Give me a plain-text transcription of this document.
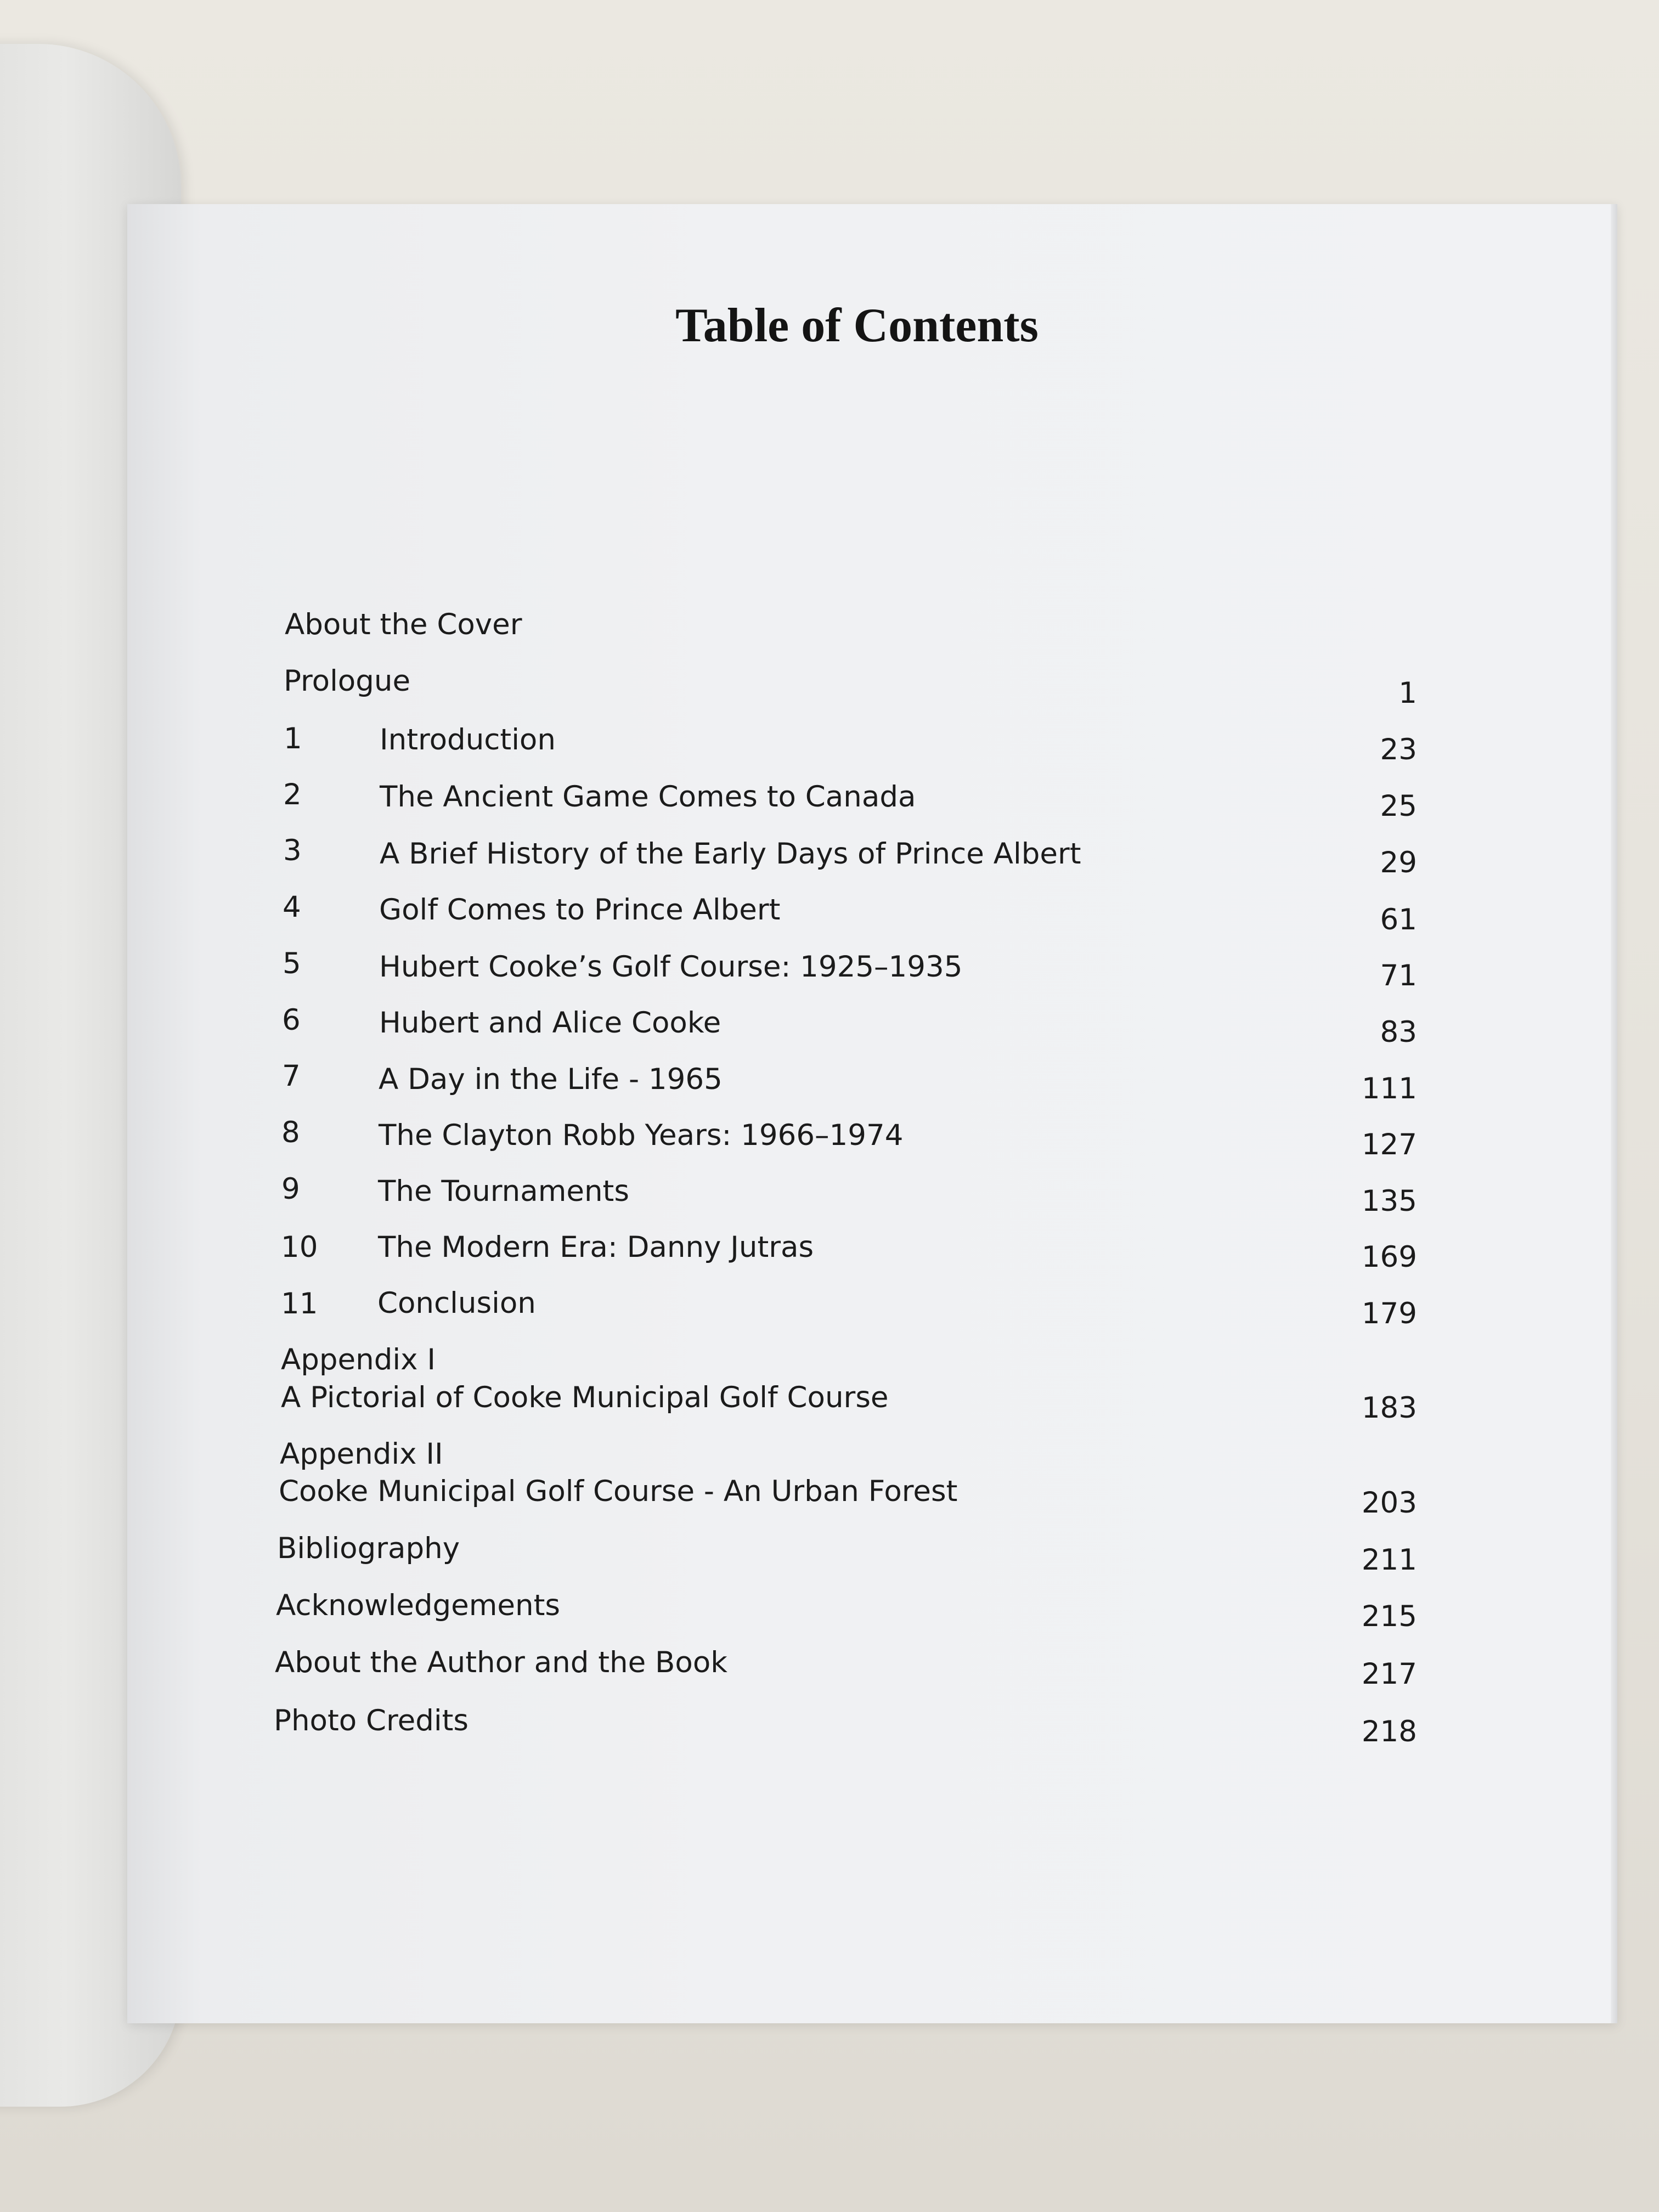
Table of Contents
About the Cover
Prologue	1
1	Introduction	23
2	The Ancient Game Comes to Canada	25
3	A Brief History of the Early Days of Prince Albert	29
4	Golf Comes to Prince Albert	61
5	Hubert Cooke’s Golf Course: 1925–1935	71
6	Hubert and Alice Cooke	83
7	A Day in the Life - 1965	111
8	The Clayton Robb Years: 1966–1974	127
9	The Tournaments	135
10 The Modern Era: Danny Jutras	169
11 Conclusion	179
Appendix I
A Pictorial of Cooke Municipal Golf Course	183
Appendix II
Cooke Municipal Golf Course - An Urban Forest	203
Bibliography	211
Acknowledgements	215
About the Author and the Book	217
Photo Credits	218
